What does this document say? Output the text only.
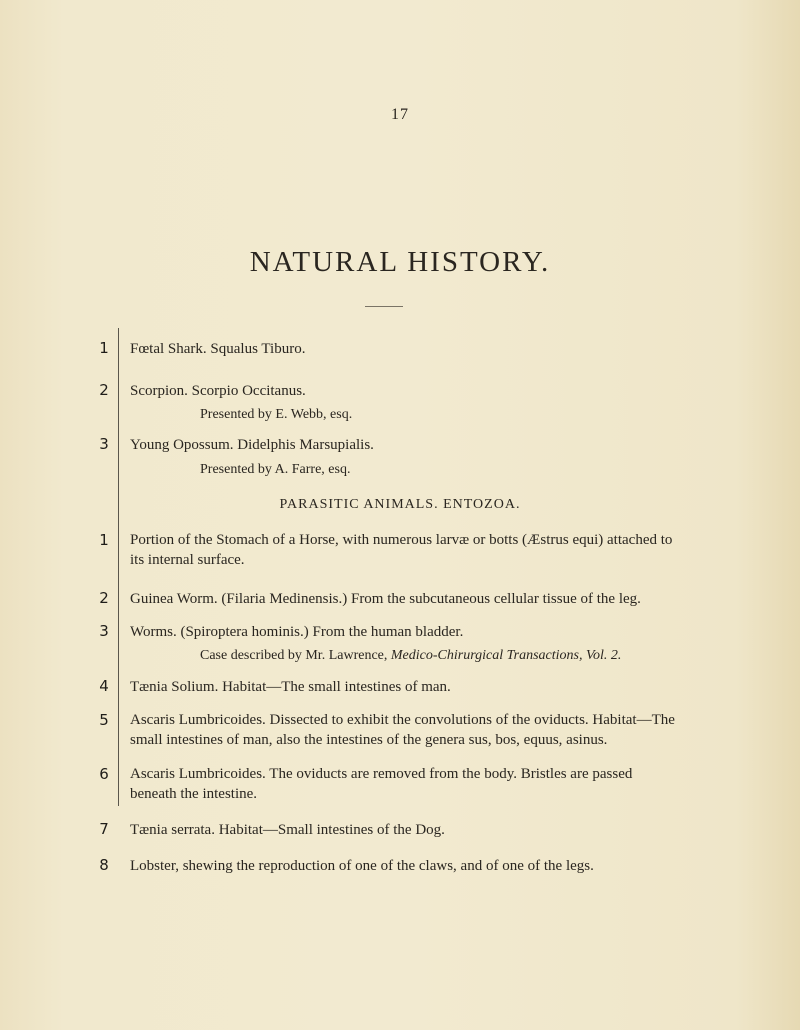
17
NATURAL HISTORY.
1	Fœtal Shark. Squalus Tiburo.
2	Scorpion. Scorpio Occitanus.
Presented by E. Webb, esq.
3	Young Opossum. Didelphis Marsupialis.
Presented by A. Farre, esq.
PARASITIC ANIMALS. ENTOZOA.
1	Portion of the Stomach of a Horse, with numerous larvæ or botts (Æstrus equi) attached to its internal surface.
2	Guinea Worm. (Filaria Medinensis.) From the subcutaneous cellular tissue of the leg.
3	Worms. (Spiroptera hominis.) From the human bladder.
Case described by Mr. Lawrence, Medico-Chirurgical Transactions, Vol. 2.
4	Tænia Solium. Habitat—The small intestines of man.
5	Ascaris Lumbricoides. Dissected to exhibit the convolutions of the oviducts. Habitat—The small intestines of man, also the intestines of the genera sus, bos, equus, asinus.
6	Ascaris Lumbricoides. The oviducts are removed from the body. Bristles are passed beneath the intestine.
7	Tænia serrata. Habitat—Small intestines of the Dog.
8	Lobster, shewing the reproduction of one of the claws, and of one of the legs.
